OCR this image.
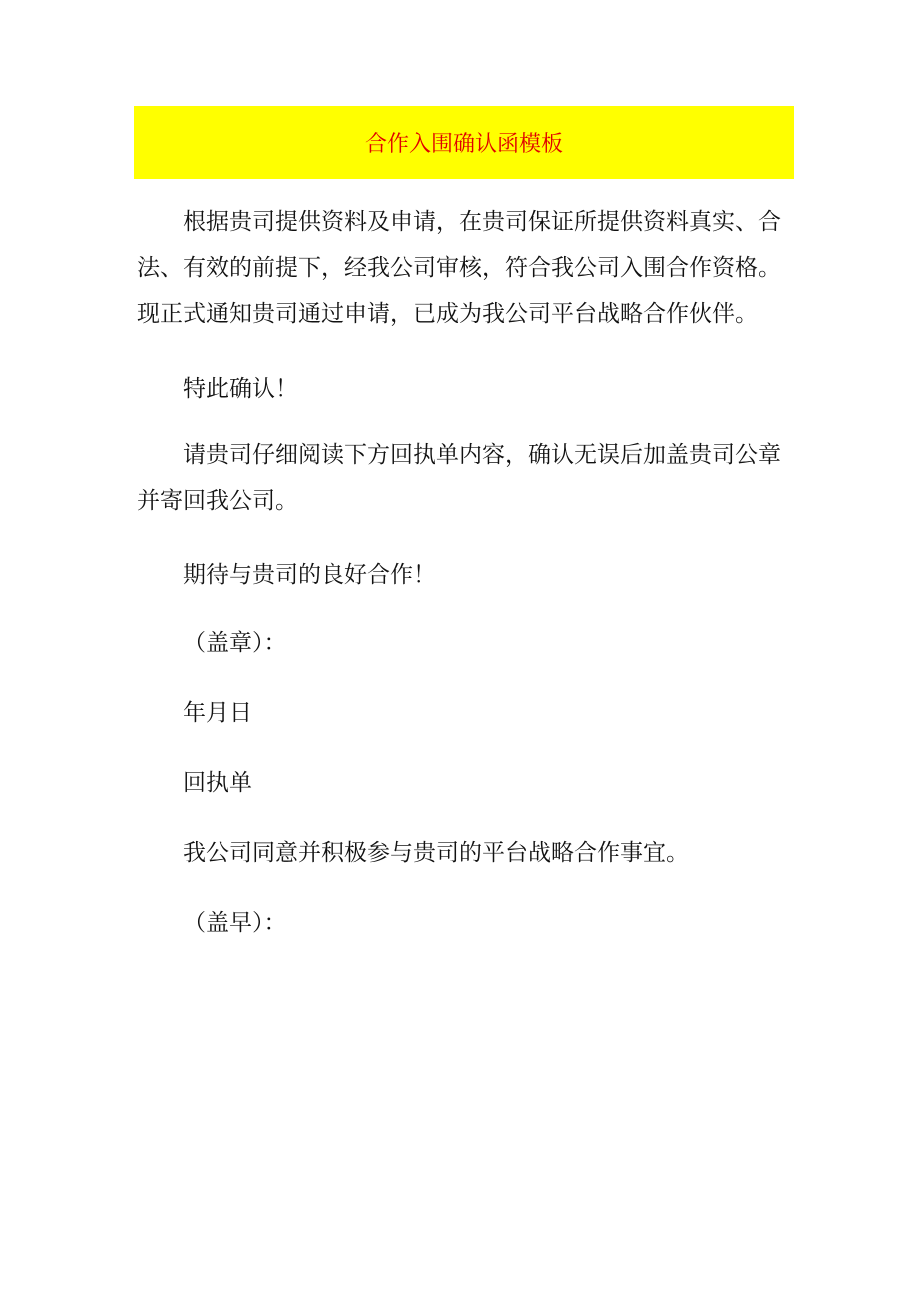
合作入围确认函模板

根据贵司提供资料及申请，在贵司保证所提供资料真实、合法、有效的前提下，经我公司审核，符合我公司入围合作资格。现正式通知贵司通过申请，已成为我公司平台战略合作伙伴。

特此确认！

请贵司仔细阅读下方回执单内容，确认无误后加盖贵司公章并寄回我公司。

期待与贵司的良好合作！

（盖章）：

年月日

回执单

我公司同意并积极参与贵司的平台战略合作事宜。

（盖早）：
